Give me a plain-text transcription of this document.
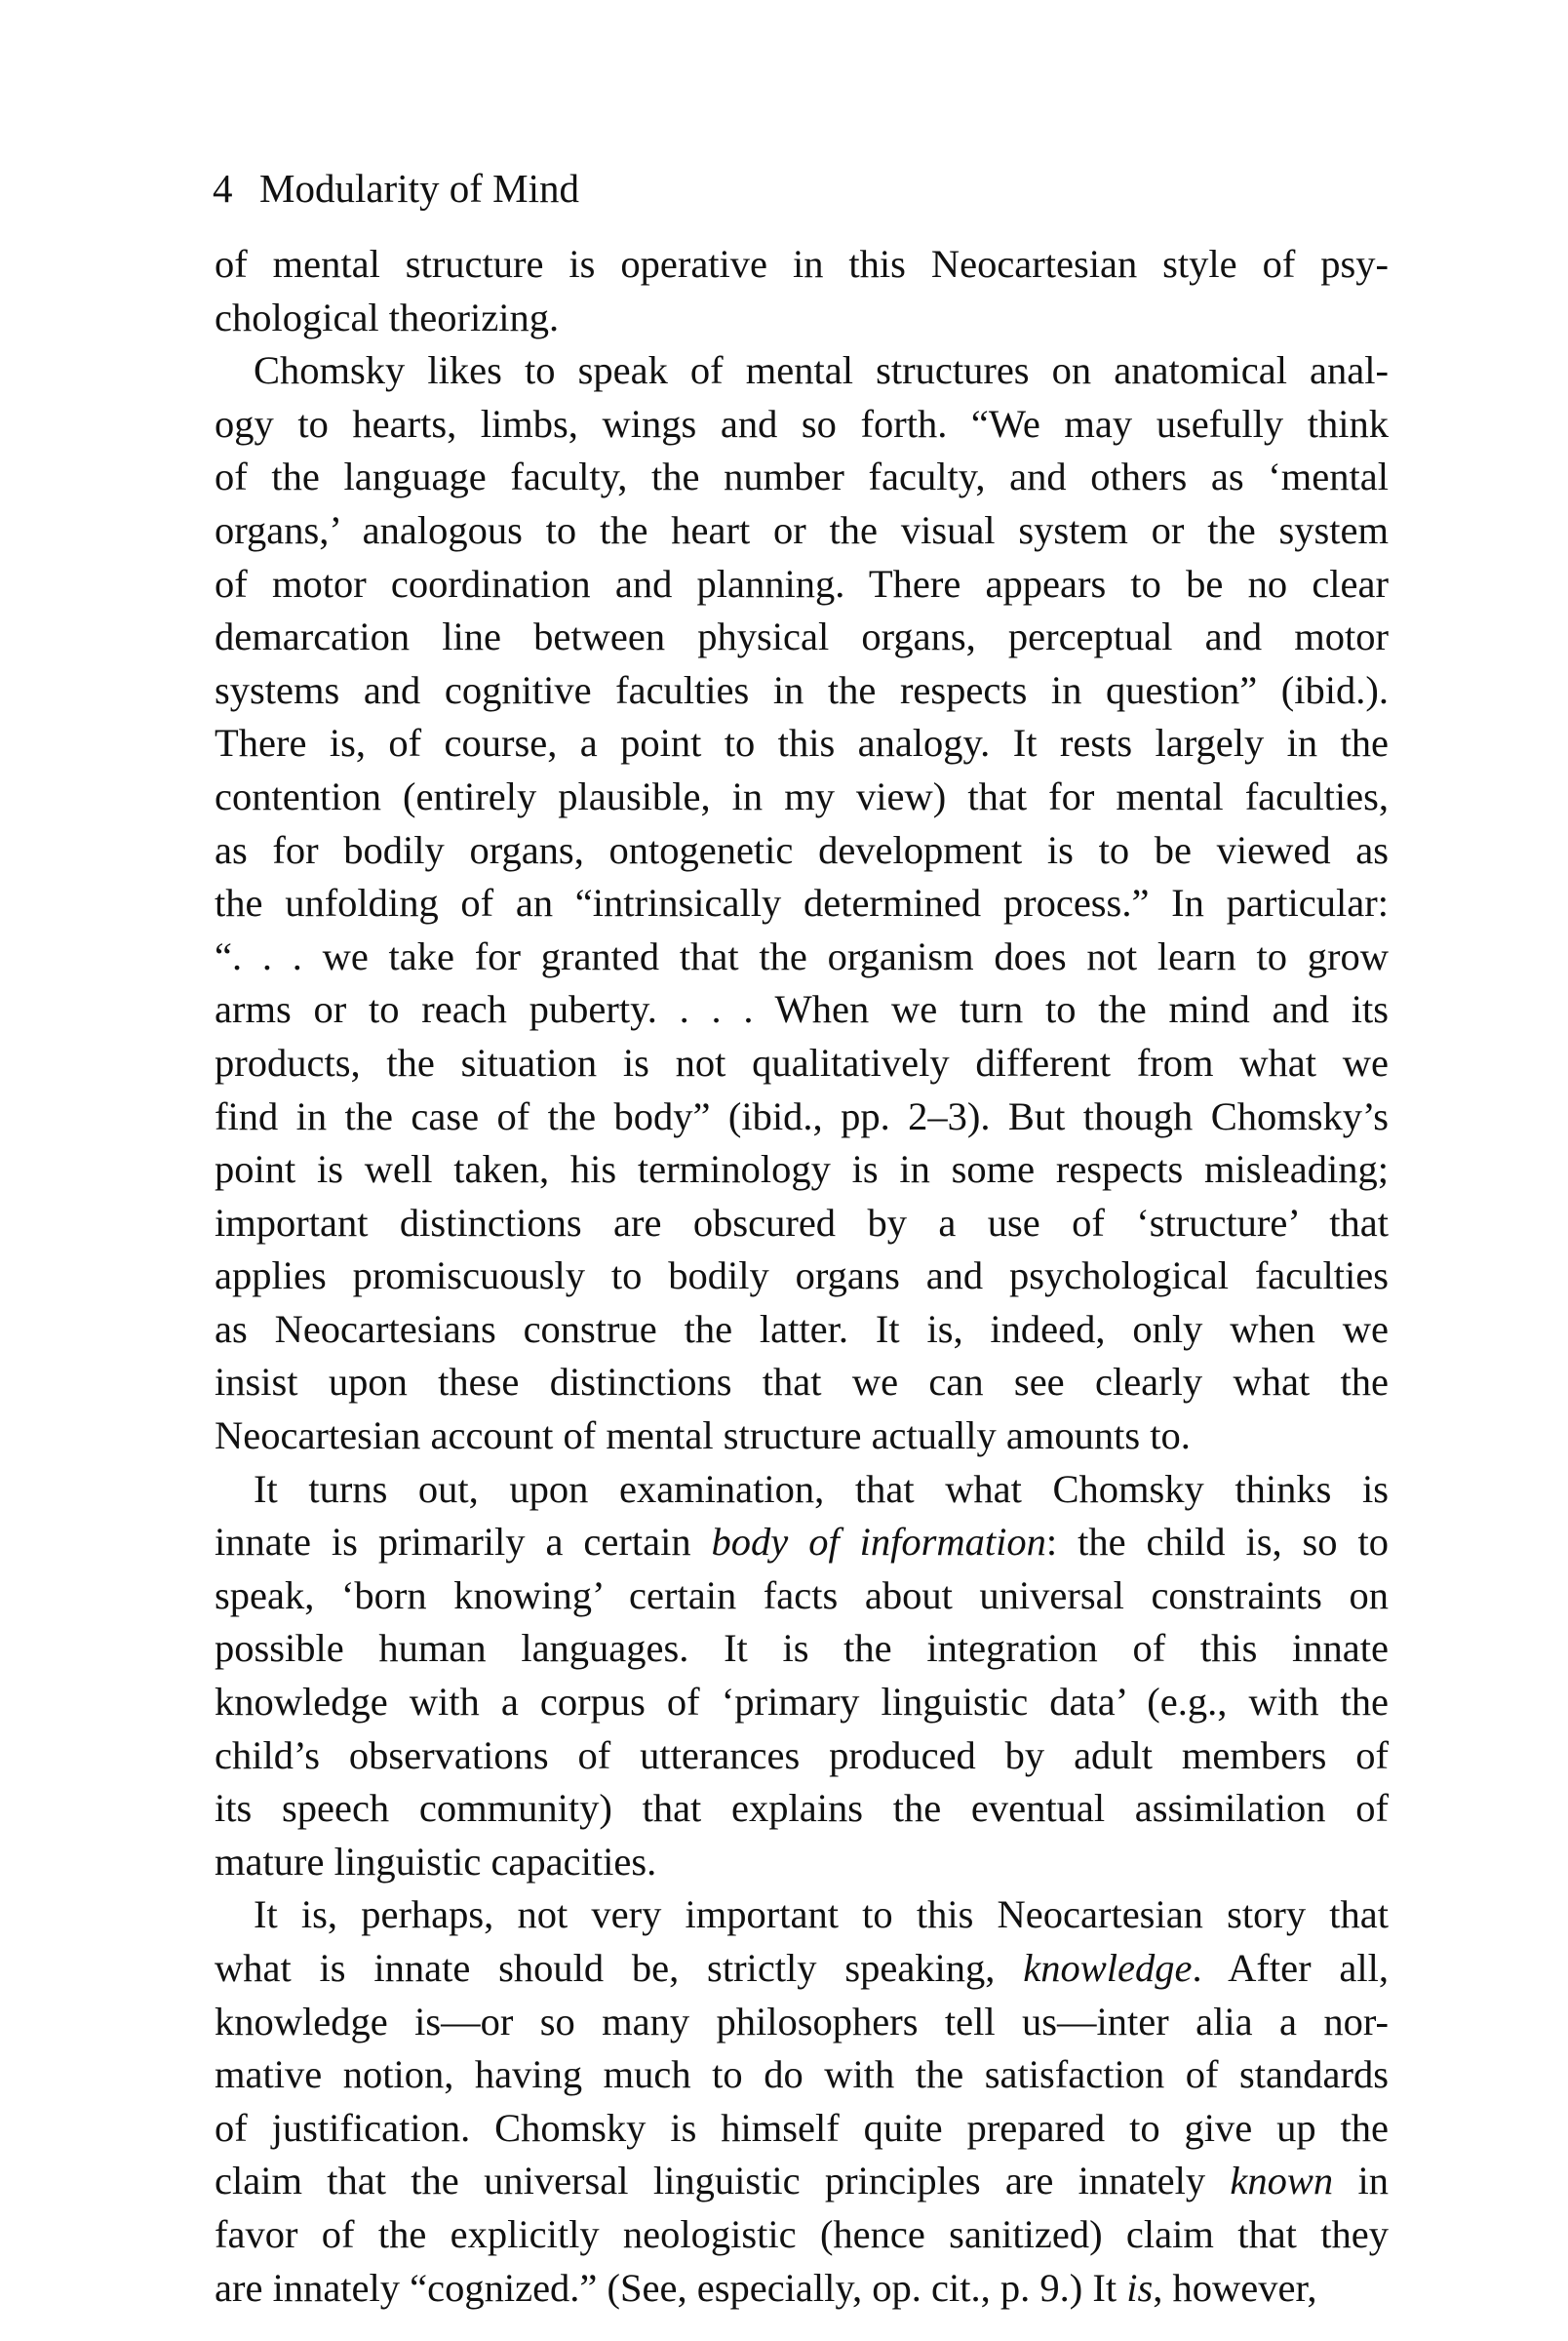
4 Modularity of Mind
of mental structure is operative in this Neocartesian style of psy-
chological theorizing.
Chomsky likes to speak of mental structures on anatomical anal-
ogy to hearts, limbs, wings and so forth. “We may usefully think
of the language faculty, the number faculty, and others as ‘mental
organs,’ analogous to the heart or the visual system or the system
of motor coordination and planning. There appears to be no clear
demarcation line between physical organs, perceptual and motor
systems and cognitive faculties in the respects in question” (ibid.).
There is, of course, a point to this analogy. It rests largely in the
contention (entirely plausible, in my view) that for mental faculties,
as for bodily organs, ontogenetic development is to be viewed as
the unfolding of an “intrinsically determined process.” In particular:
“. . . we take for granted that the organism does not learn to grow
arms or to reach puberty. . . . When we turn to the mind and its
products, the situation is not qualitatively different from what we
find in the case of the body” (ibid., pp. 2–3). But though Chomsky’s
point is well taken, his terminology is in some respects misleading;
important distinctions are obscured by a use of ‘structure’ that
applies promiscuously to bodily organs and psychological faculties
as Neocartesians construe the latter. It is, indeed, only when we
insist upon these distinctions that we can see clearly what the
Neocartesian account of mental structure actually amounts to.
It turns out, upon examination, that what Chomsky thinks is
innate is primarily a certain body of information: the child is, so to
speak, ‘born knowing’ certain facts about universal constraints on
possible human languages. It is the integration of this innate
knowledge with a corpus of ‘primary linguistic data’ (e.g., with the
child’s observations of utterances produced by adult members of
its speech community) that explains the eventual assimilation of
mature linguistic capacities.
It is, perhaps, not very important to this Neocartesian story that
what is innate should be, strictly speaking, knowledge. After all,
knowledge is—or so many philosophers tell us—inter alia a nor-
mative notion, having much to do with the satisfaction of standards
of justification. Chomsky is himself quite prepared to give up the
claim that the universal linguistic principles are innately known in
favor of the explicitly neologistic (hence sanitized) claim that they
are innately “cognized.” (See, especially, op. cit., p. 9.) It is, however,
